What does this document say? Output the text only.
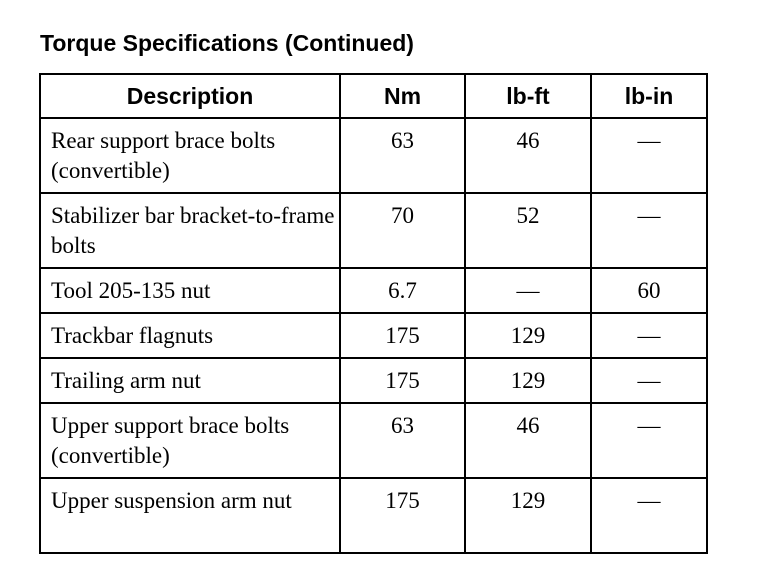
Torque Specifications (Continued)
Description	Nm	lb-ft	lb-in
Rear support brace bolts (convertible)	63	46	—
Stabilizer bar bracket-to-frame bolts	70	52	—
Tool 205-135 nut	6.7	—	60
Trackbar flagnuts	175	129	—
Trailing arm nut	175	129	—
Upper support brace bolts (convertible)	63	46	—
Upper suspension arm nut	175	129	—
